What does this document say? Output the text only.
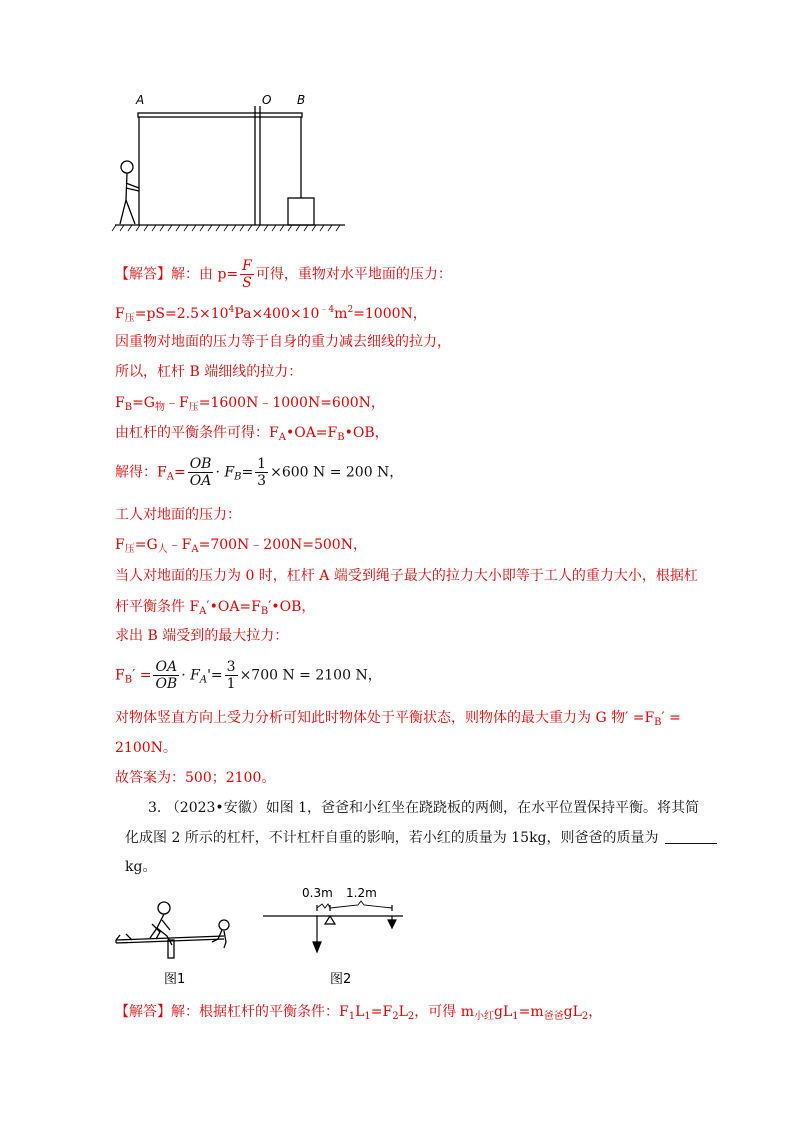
A	O B
【解答】解：由 $p= \frac{F}{S}$ 可得，重物对水平地面的压力：
$F_压=pS=2.5\times 10^4Pa\times 400\times 10^{﹣4}m^2=1000N$，
因重物对地面的压力等于自身的重力减去细线的拉力，
所以，杠杆 B 端细线的拉力：
$F_B=G_物﹣F_压=1600N﹣1000N=600N$，
由杠杆的平衡条件可得：$F_A•OA=F_B•OB$，
解得：$F_A= \frac{OB}{OA} \cdot F_B= \frac{1}{3} \times 600$ N = 200 N，
工人对地面的压力：
$F_压=G_人﹣F_A=700N﹣200N=500N$，
当人对地面的压力为 0 时，杠杆 A 端受到绳子最大的拉力大小即等于工人的重力大小，根据杠
杆平衡条件 $F_A'•OA=F_B'•OB$，
求出 B 端受到的最大拉力：
$F_B' = \frac{OA}{OB} \cdot F_A'= \frac{3}{1} \times 700$ N = 2100 N，
对物体竖直方向上受力分析可知此时物体处于平衡状态，则物体的最大重力为 G 物′ $=F_B'$ =
2100N。
故答案为：500；2100。
3. （2023•安徽）如图 1，爸爸和小红坐在跷跷板的两侧，在水平位置保持平衡。将其简
化成图 2 所示的杠杆，不计杠杆自重的影响，若小红的质量为 15kg，则爸爸的质量为
kg。
图1
0.3m 1.2m
图2
【解答】解：根据杠杆的平衡条件：$F_1L_1=F_2L_2$，可得 $m_{小红}gL_1=m_{爸爸}gL_2$，
